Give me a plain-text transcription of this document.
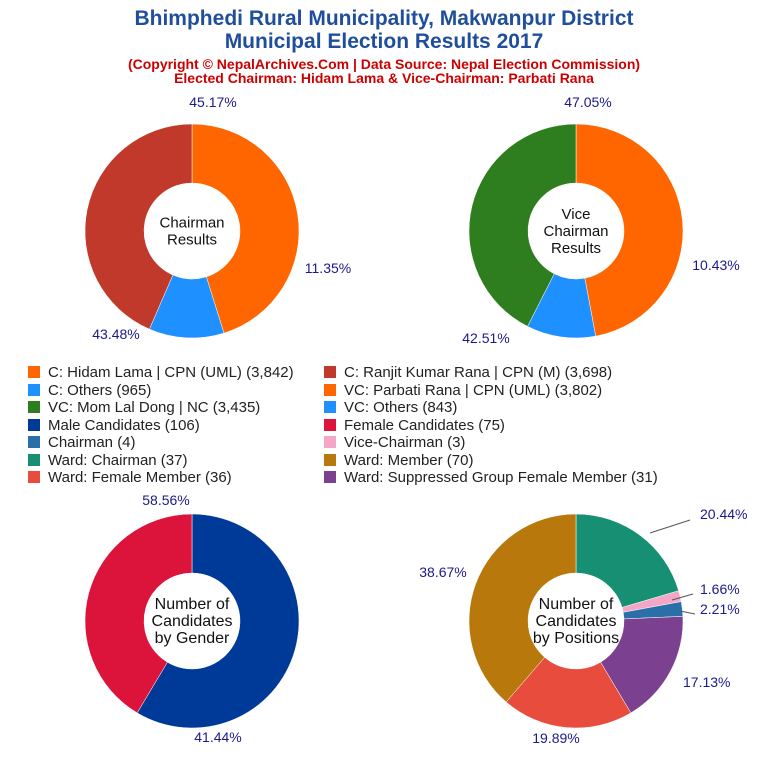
Bhimphedi Rural Municipality, Makwanpur District
Municipal Election Results 2017
(Copyright © NepalArchives.Com | Data Source: Nepal Election Commission)
Elected Chairman: Hidam Lama & Vice-Chairman: Parbati Rana
45.17%
11.35%
43.48%
Chairman
Results
47.05%
10.43%
42.51%
Vice
Chairman
Results
58.56%
41.44%
Number of
Candidates
by Gender
20.44%
1.66%
2.21%
17.13%
19.89%
38.67%
Number of
Candidates
by Positions
C: Hidam Lama | CPN (UML) (3,842)	C: Ranjit Kumar Rana | CPN (M) (3,698)
C: Others (965)	VC: Parbati Rana | CPN (UML) (3,802)
VC: Mom Lal Dong | NC (3,435)	VC: Others (843)
Male Candidates (106)	Female Candidates (75)
Chairman (4)	Vice-Chairman (3)
Ward: Chairman (37)	Ward: Member (70)
Ward: Female Member (36)	Ward: Suppressed Group Female Member (31)
